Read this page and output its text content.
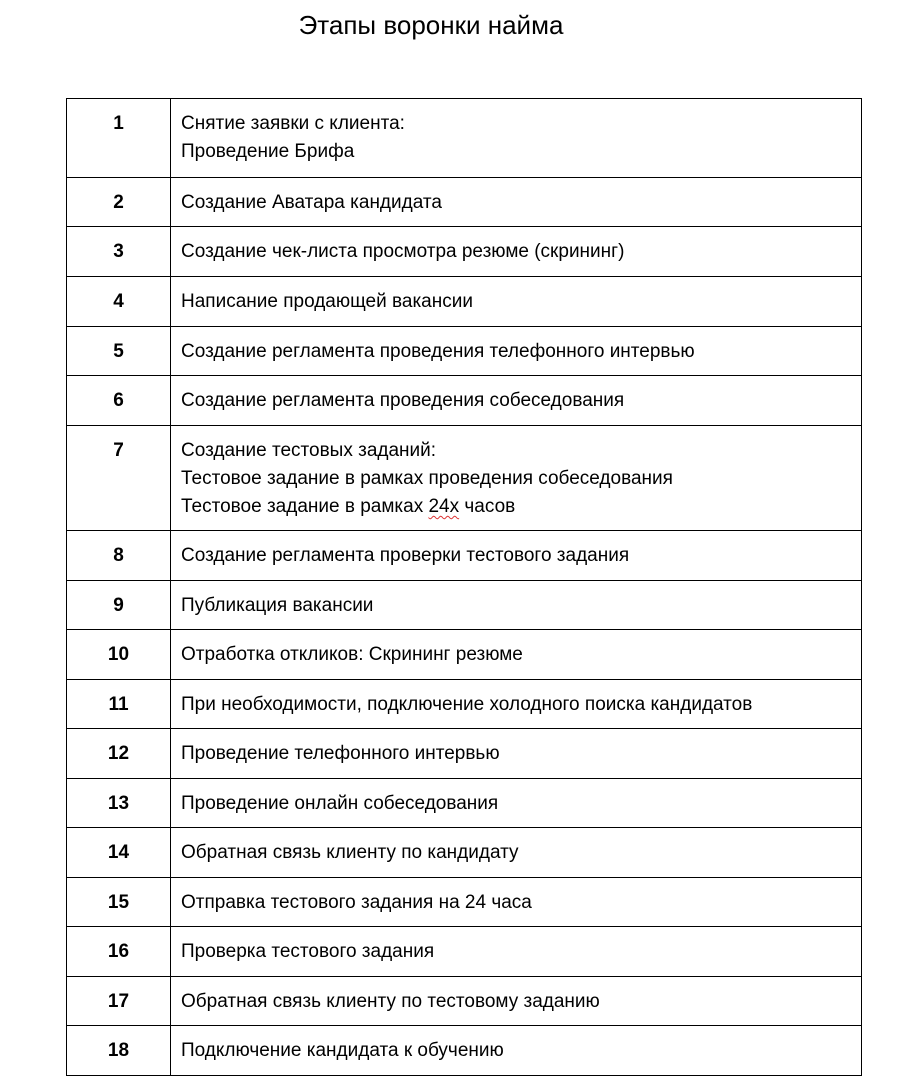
Этапы воронки найма
1	Снятие заявки с клиента:
Проведение Брифа

2	Создание Аватара кандидата

3	Создание чек-листа просмотра резюме (скрининг)

4	Написание продающей вакансии

5	Создание регламента проведения телефонного интервью

6	Создание регламента проведения собеседования

7	Создание тестовых заданий:
Тестовое задание в рамках проведения собеседования
Тестовое задание в рамках 24х часов

8	Создание регламента проверки тестового задания

9	Публикация вакансии

10	Отработка откликов: Скрининг резюме

11	При необходимости, подключение холодного поиска кандидатов

12	Проведение телефонного интервью

13	Проведение онлайн собеседования

14	Обратная связь клиенту по кандидату

15	Отправка тестового задания на 24 часа

16	Проверка тестового задания

17	Обратная связь клиенту по тестовому заданию

18	Подключение кандидата к обучению
